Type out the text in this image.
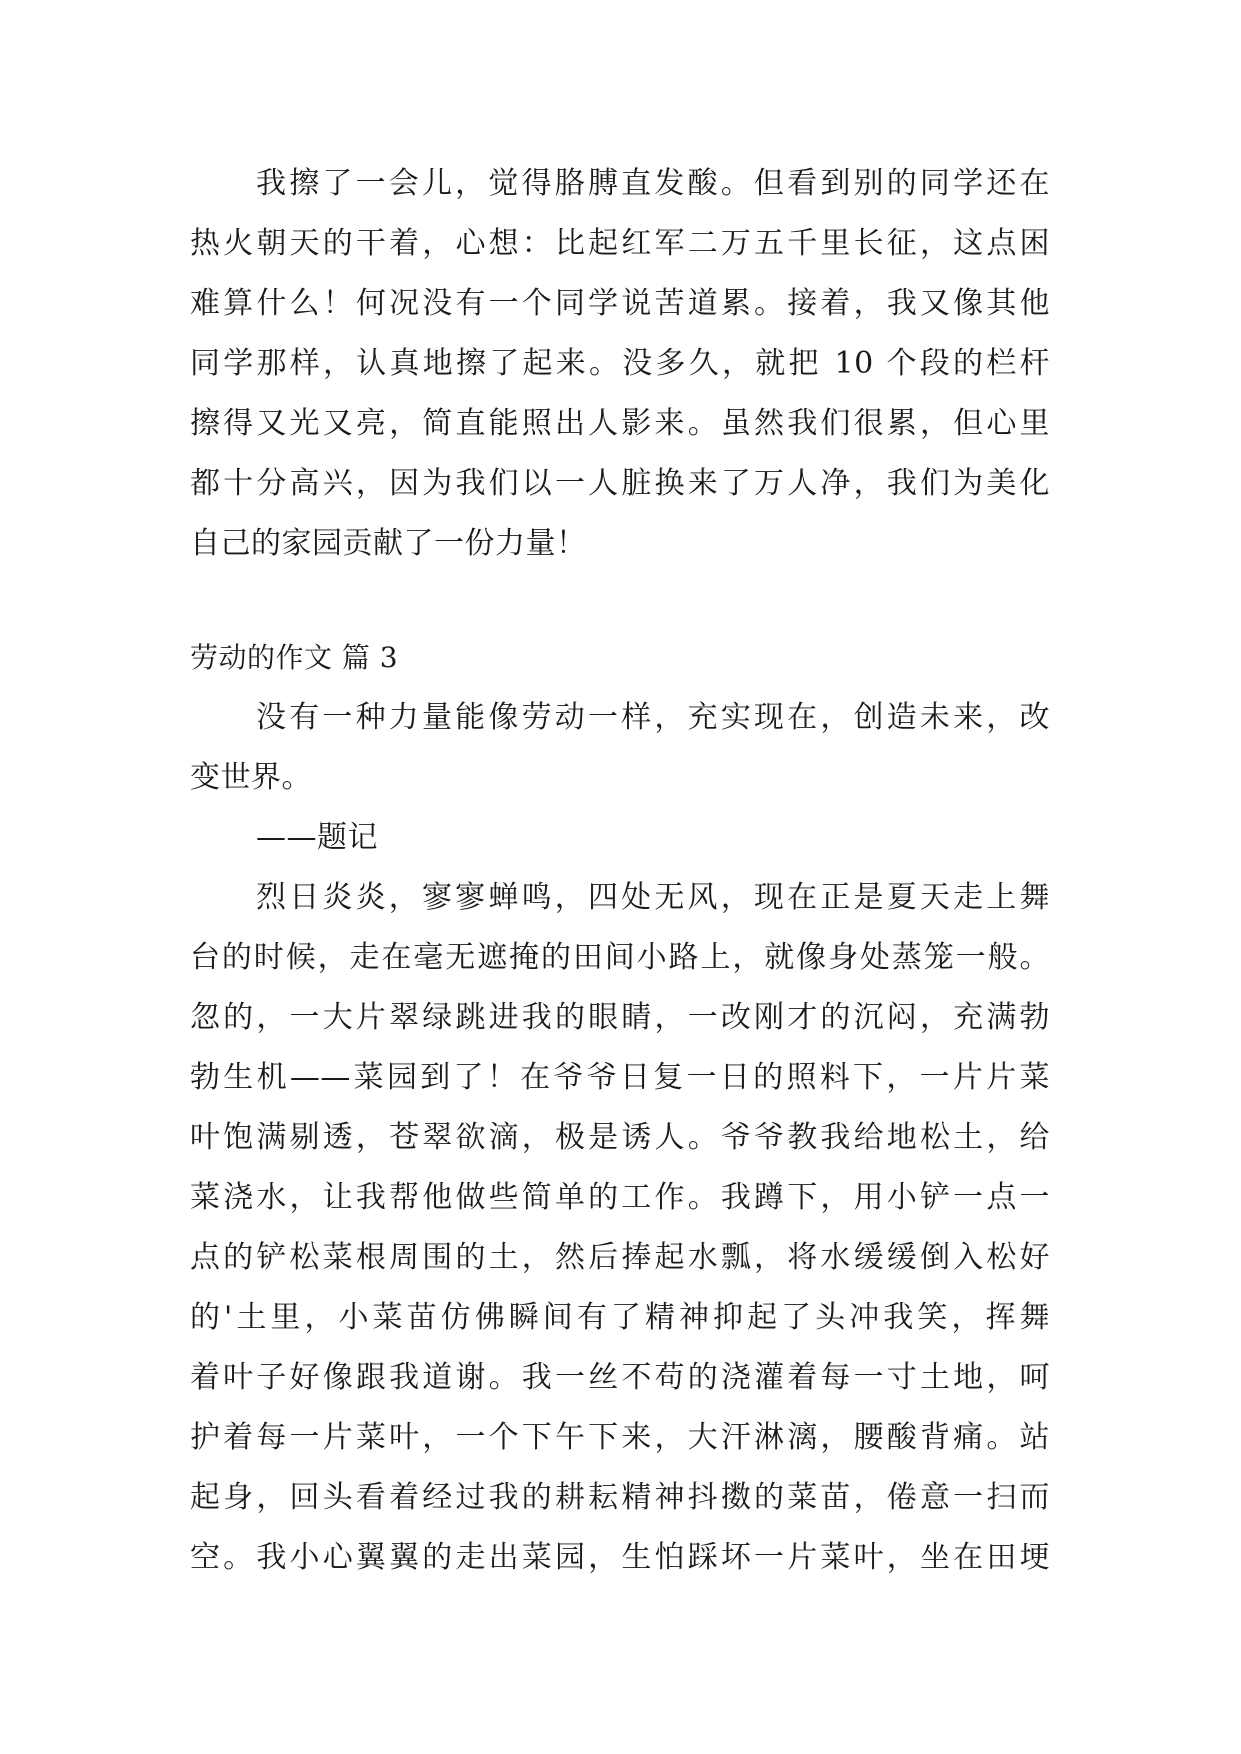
我擦了一会儿，觉得胳膊直发酸。但看到别的同学还在
热火朝天的干着，心想：比起红军二万五千里长征，这点困
难算什么！何况没有一个同学说苦道累。接着，我又像其他
同学那样，认真地擦了起来。没多久，就把 10 个段的栏杆
擦得又光又亮，简直能照出人影来。虽然我们很累，但心里
都十分高兴，因为我们以一人脏换来了万人净，我们为美化
自己的家园贡献了一份力量！
劳动的作文 篇 3
没有一种力量能像劳动一样，充实现在，创造未来，改
变世界。
——题记
烈日炎炎，寥寥蝉鸣，四处无风，现在正是夏天走上舞
台的时候，走在毫无遮掩的田间小路上，就像身处蒸笼一般。
忽的，一大片翠绿跳进我的眼睛，一改刚才的沉闷，充满勃
勃生机——菜园到了！在爷爷日复一日的照料下，一片片菜
叶饱满剔透，苍翠欲滴，极是诱人。爷爷教我给地松土，给
菜浇水，让我帮他做些简单的工作。我蹲下，用小铲一点一
点的铲松菜根周围的土，然后捧起水瓢，将水缓缓倒入松好
的'土里，小菜苗仿佛瞬间有了精神抑起了头冲我笑，挥舞
着叶子好像跟我道谢。我一丝不苟的浇灌着每一寸土地，呵
护着每一片菜叶，一个下午下来，大汗淋漓，腰酸背痛。站
起身，回头看着经过我的耕耘精神抖擞的菜苗，倦意一扫而
空。我小心翼翼的走出菜园，生怕踩坏一片菜叶，坐在田埂
